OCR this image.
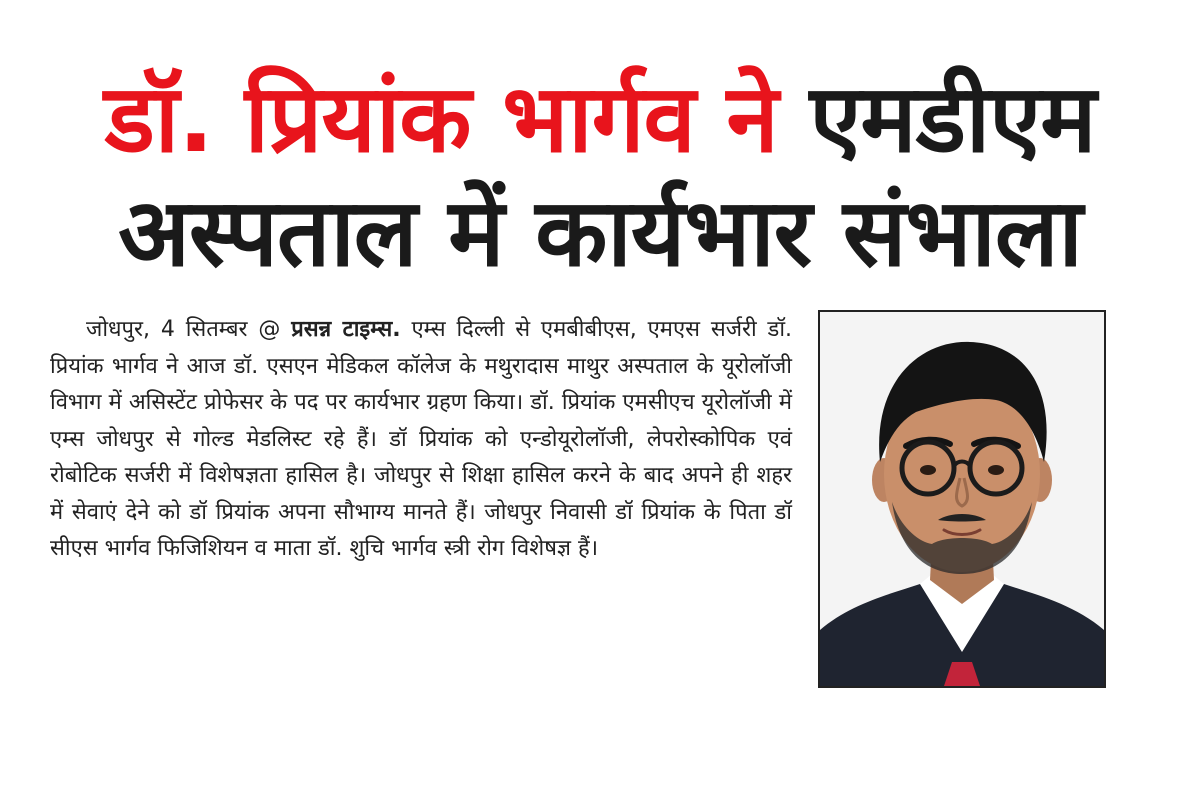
डॉ. प्रियांक भार्गव ने एमडीएम
अस्पताल में कार्यभार संभाला
जोधपुर, 4 सितम्बर @ प्रसन्न टाइम्स. एम्स दिल्ली से एमबीबीएस, एमएस सर्जरी डॉ. प्रियांक भार्गव ने आज डॉ. एसएन मेडिकल कॉलेज के मथुरादास माथुर अस्पताल के यूरोलॉजी विभाग में असिस्टेंट प्रोफेसर के पद पर कार्यभार ग्रहण किया। डॉ. प्रियांक एमसीएच यूरोलॉजी में एम्स जोधपुर से गोल्ड मेडलिस्ट रहे हैं। डॉ प्रियांक को एन्डोयूरोलॉजी, लेपरोस्कोपिक एवं रोबोटिक सर्जरी में विशेषज्ञता हासिल है। जोधपुर से शिक्षा हासिल करने के बाद अपने ही शहर में सेवाएं देने को डॉ प्रियांक अपना सौभाग्य मानते हैं। जोधपुर निवासी डॉ प्रियांक के पिता डॉ सीएस भार्गव फिजिशियन व माता डॉ. शुचि भार्गव स्त्री रोग विशेषज्ञ हैं।
